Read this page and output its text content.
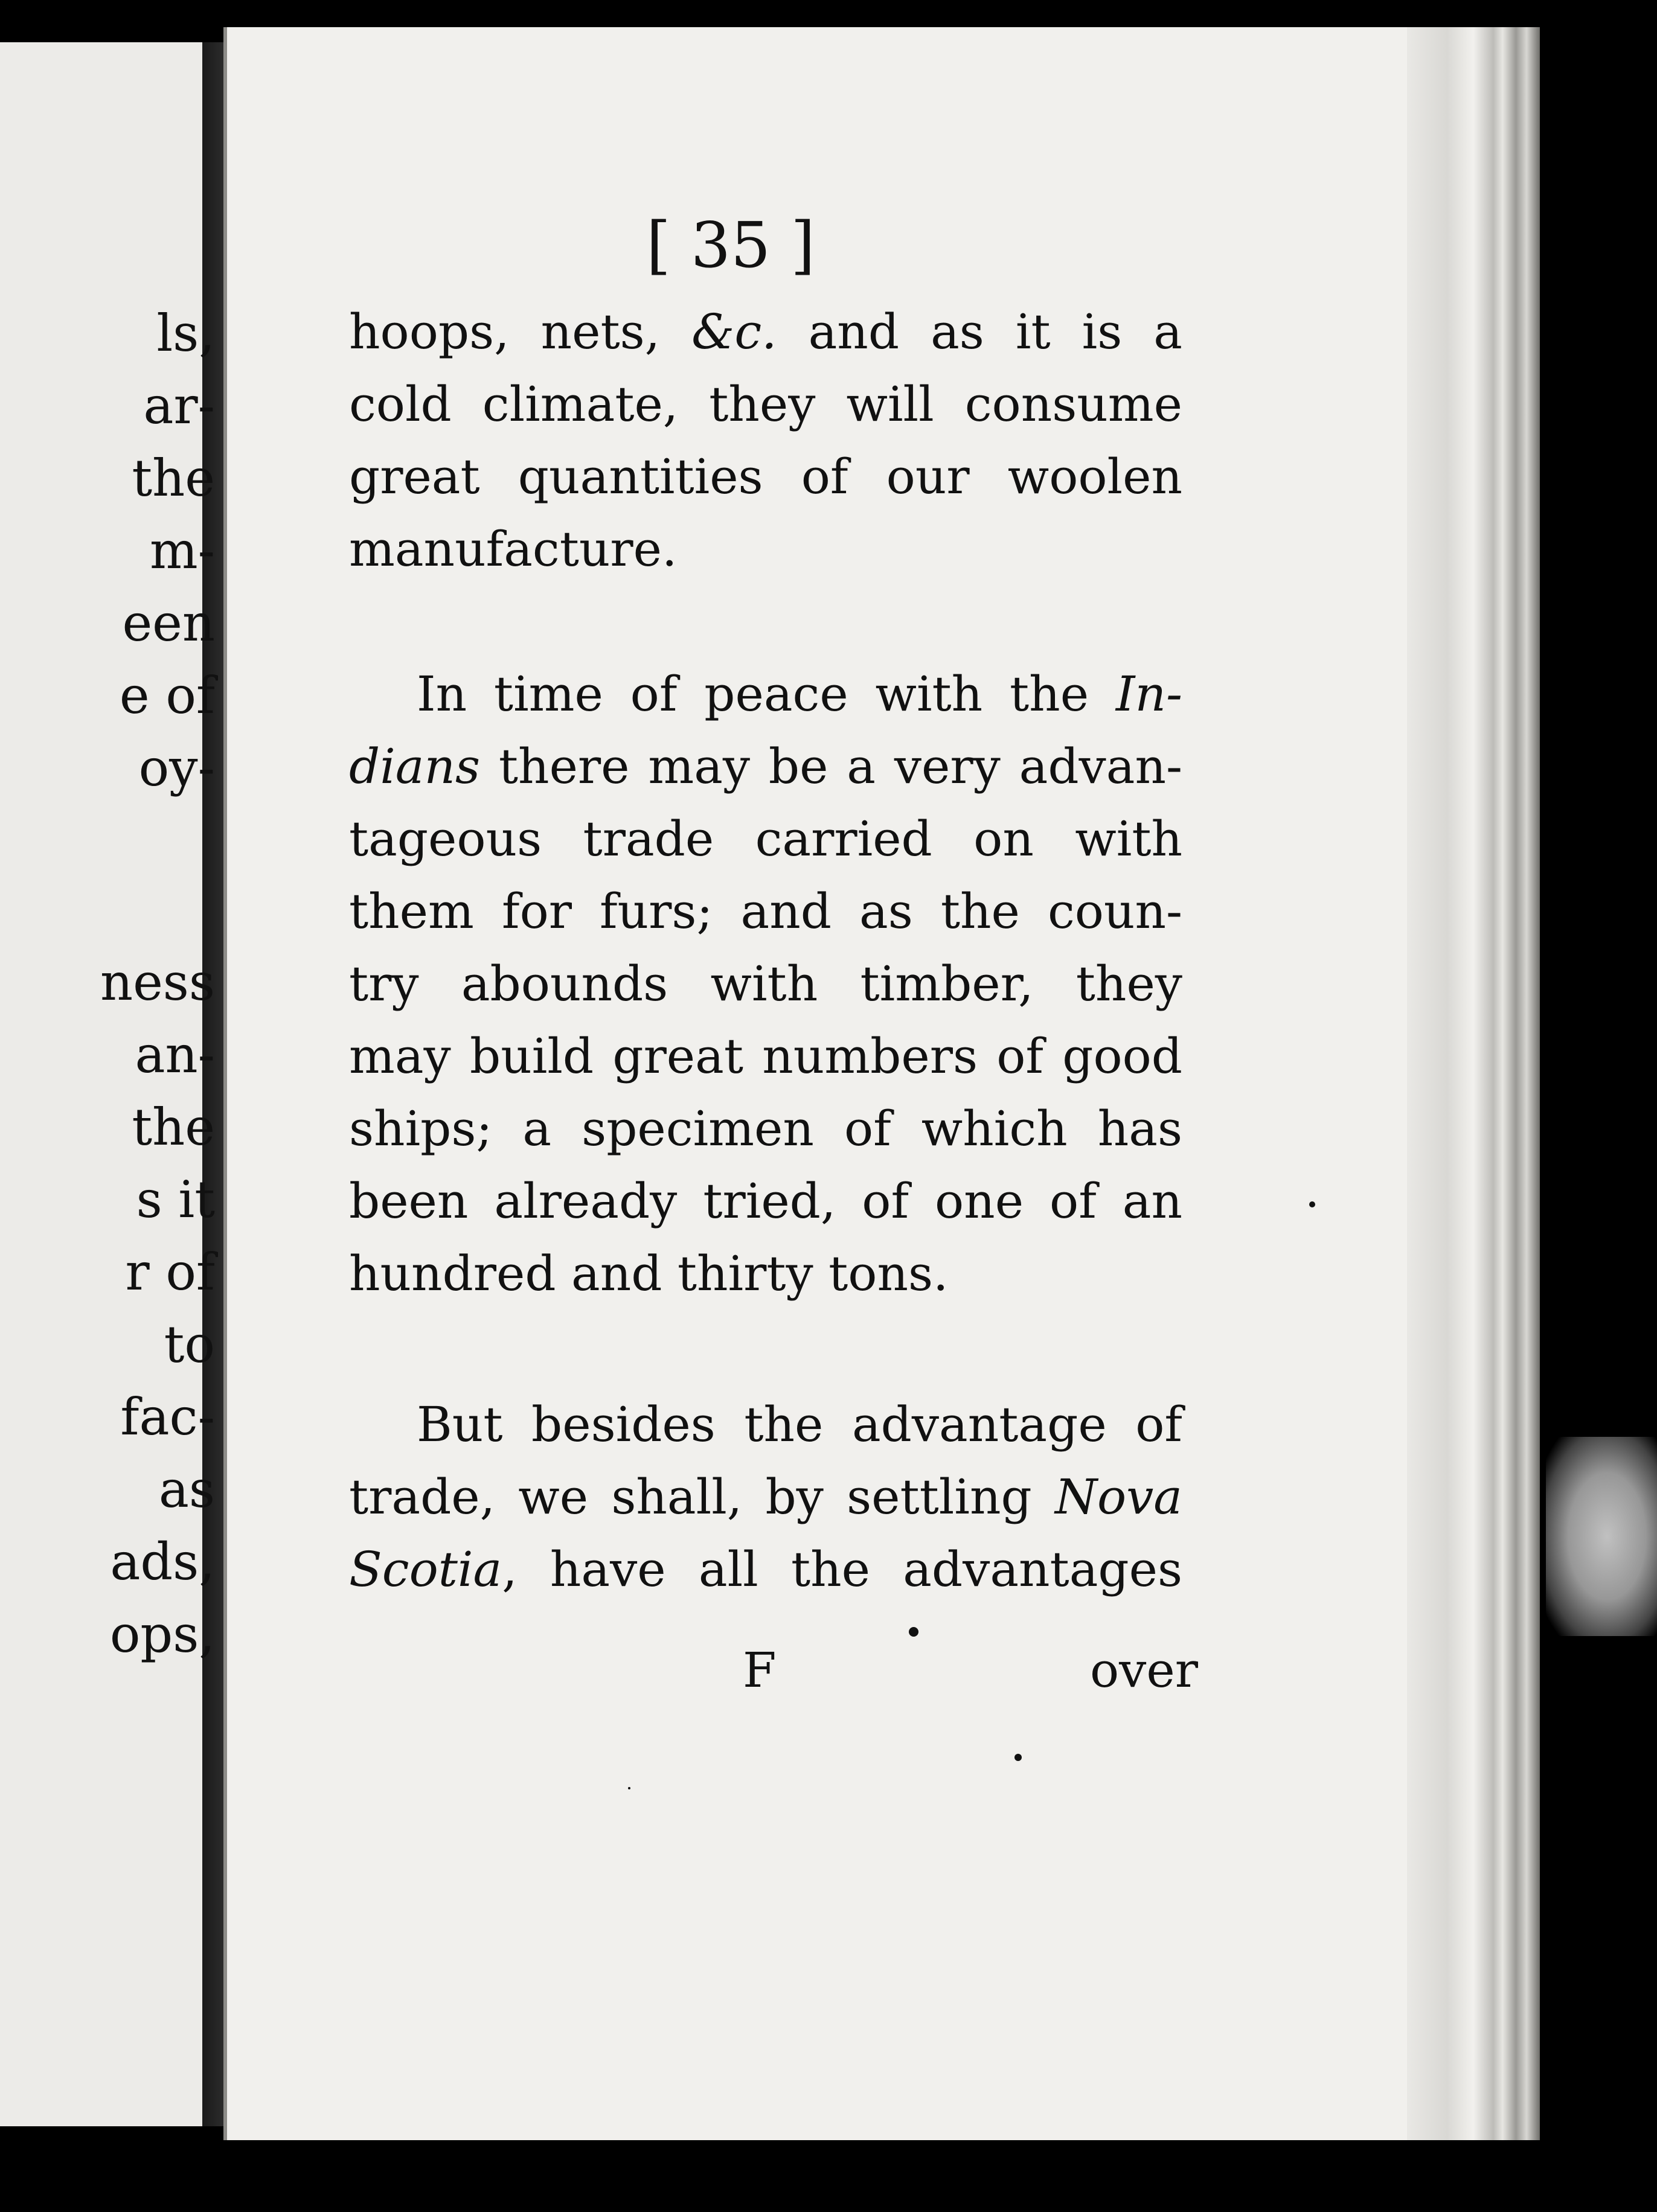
ls,
ar-
the
m-
een
e of
oy-
ness
an-
the
s it
r of
to
fac-
as
ads,
ops,
[ 35 ]
hoops, nets, &c. and as it is a
cold climate, they will consume
great quantities of our woolen
manufacture.
In time of peace with the In-
dians there may be a very advan-
tageous trade carried on with
them for furs; and as the coun-
try abounds with timber, they
may build great numbers of good
ships; a specimen of which has
been already tried, of one of an
hundred and thirty tons.
But besides the advantage of
trade, we shall, by settling Nova
Scotia, have all the advantages
F	over
